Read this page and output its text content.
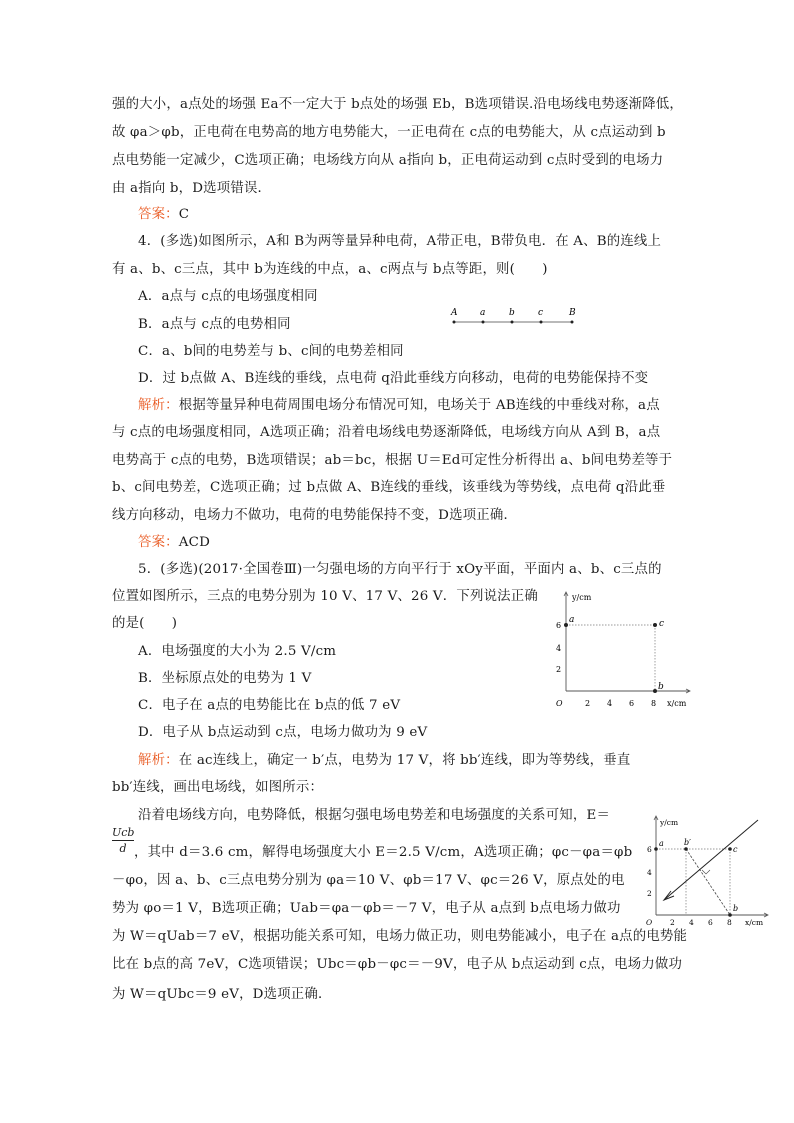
强的大小，a点处的场强 Ea不一定大于 b点处的场强 Eb，B选项错误.沿电场线电势逐渐降低，
故 φa＞φb，正电荷在电势高的地方电势能大，一正电荷在 c点的电势能大，从 c点运动到 b
点电势能一定减少，C选项正确；电场线方向从 a指向 b，正电荷运动到 c点时受到的电场力
由 a指向 b，D选项错误．
答案：C
4．(多选)如图所示，A和 B为两等量异种电荷，A带正电，B带负电．在 A、B的连线上
有 a、b、c三点，其中 b为连线的中点，a、c两点与 b点等距，则(　　)
A．a点与 c点的电场强度相同
B．a点与 c点的电势相同
C．a、b间的电势差与 b、c间的电势差相同
D．过 b点做 A、B连线的垂线，点电荷 q沿此垂线方向移动，电荷的电势能保持不变
A	a	b	c	B
解析：根据等量异种电荷周围电场分布情况可知，电场关于 AB连线的中垂线对称，a点
与 c点的电场强度相同，A选项正确；沿着电场线电势逐渐降低，电场线方向从 A到 B，a点
电势高于 c点的电势，B选项错误；ab＝bc，根据 U＝Ed可定性分析得出 a、b间电势差等于
b、c间电势差，C选项正确；过 b点做 A、B连线的垂线，该垂线为等势线，点电荷 q沿此垂
线方向移动，电场力不做功，电荷的电势能保持不变，D选项正确．
答案：ACD
5．(多选)(2017·全国卷Ⅲ)一匀强电场的方向平行于 xOy平面，平面内 a、b、c三点的
位置如图所示，三点的电势分别为 10 V、17 V、26 V．下列说法正确
的是(　　)
A．电场强度的大小为 2.5 V/cm
B．坐标原点处的电势为 1 V
C．电子在 a点的电势能比在 b点的低 7 eV
D．电子从 b点运动到 c点，电场力做功为 9 eV
y/cm
x/cm
O	2 4 6 8
2
4
6
a	c
b
解析：在 ac连线上，确定一 b′点，电势为 17 V，将 bb′连线，即为等势线，垂直
bb′连线，画出电场线，如图所示：
沿着电场线方向，电势降低，根据匀强电场电势差和电场强度的关系可知，E＝
Ucb
d ，其中 d＝3.6 cm，解得电场强度大小 E＝2.5 V/cm，A选项正确；φc－φa＝φb
－φo，因 a、b、c三点电势分别为 φa＝10 V、φb＝17 V、φc＝26 V，原点处的电
势为 φo＝1 V，B选项正确；Uab＝φa－φb＝－7 V，电子从 a点到 b点电场力做功
为 W＝qUab＝7 eV，根据功能关系可知，电场力做正功，则电势能减小，电子在 a点的电势能
比在 b点的高 7eV，C选项错误；Ubc＝φb－φc＝－9V，电子从 b点运动到 c点，电场力做功
为 W＝qUbc＝9 eV，D选项正确．
y/cm
x/cm
O 2 4 6 8
2
4
6
a	b′
c
b
